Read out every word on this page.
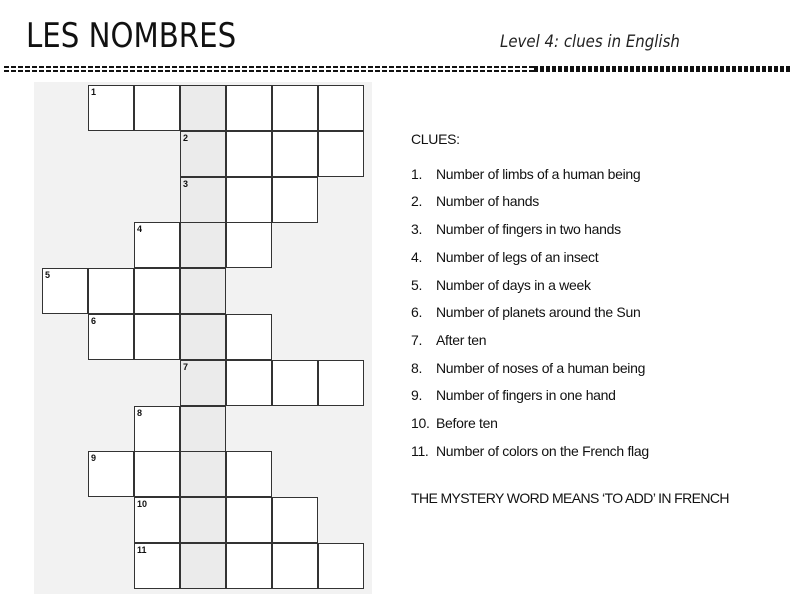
LES NOMBRES	Level 4: clues in English
1
2
3
4
5
6
7
8
9
10
11
CLUES:
1. Number of limbs of a human being
2. Number of hands
3. Number of fingers in two hands
4. Number of legs of an insect
5. Number of days in a week
6. Number of planets around the Sun
7. After ten
8. Number of noses of a human being
9. Number of fingers in one hand
10. Before ten
11. Number of colors on the French flag
THE MYSTERY WORD MEANS ‘TO ADD’ IN FRENCH
